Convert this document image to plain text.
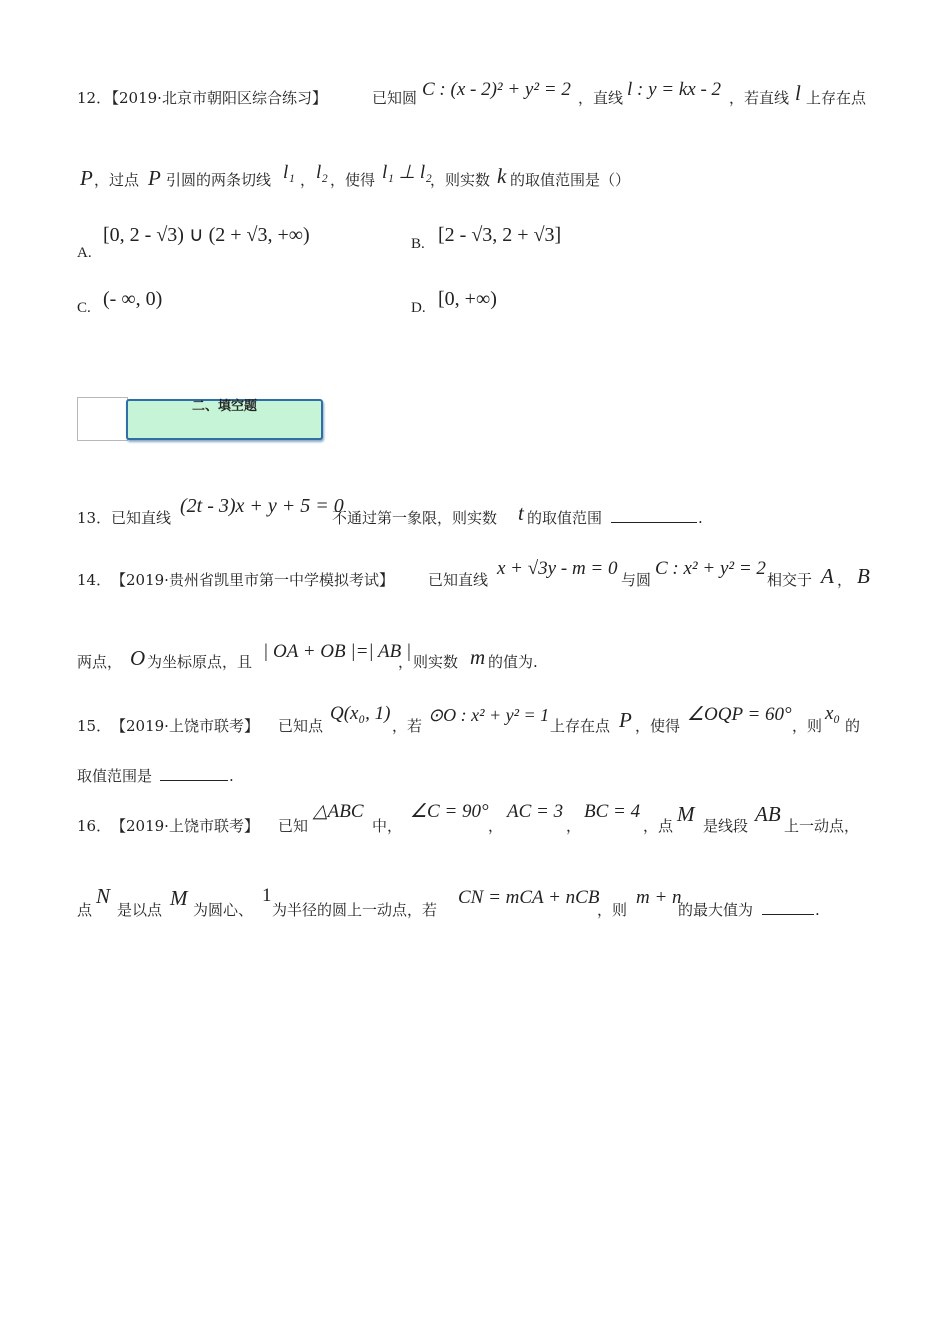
12．
【2019·北京市朝阳区综合练习】	已知圆 C : (x - 2)² + y² = 2 ，直线 l : y = kx - 2 ，若直线 l 上存在点
P ，过点 P 引圆的两条切线 l₁ ， l₂ ，使得 l₁ ⊥ l₂
，则实数 k 的取值范围是（）
A.
[0, 2 - √3) ∪ (2 + √3, +∞)	B. [2 - √3, 2 + √3]
C. (- ∞, 0)	D. [0, +∞)
二、填空题
13． 已知直线
(2t - 3)x + y + 5 = 0
不通过第一象限，则实数 t 的取值范围	.
14． 【2019·贵州省凯里市第一中学模拟考试】 已知直线
x + √3y - m = 0
与圆
C : x² + y² = 2
相交于 A ， B
两点， O 为坐标原点，且 | OA + OB |=| AB |
，则实数 m 的值为.
15． 【2019·上饶市联考】 已知点
Q(x₀, 1)
，若
⊙O : x² + y² = 1
上存在点 P ，使得
∠OQP = 60°
，则
x₀
的
取值范围是	.
16． 【2019·上饶市联考】 已知
△ABC
中，
∠C = 90°
，
AC = 3
，
BC = 4
，点 M 是线段 AB 上一动点，
点
N
是以点 M 为圆心、
1
为半径的圆上一动点，若
CN = mCA + nCB
，则
m + n
的最大值为	.
